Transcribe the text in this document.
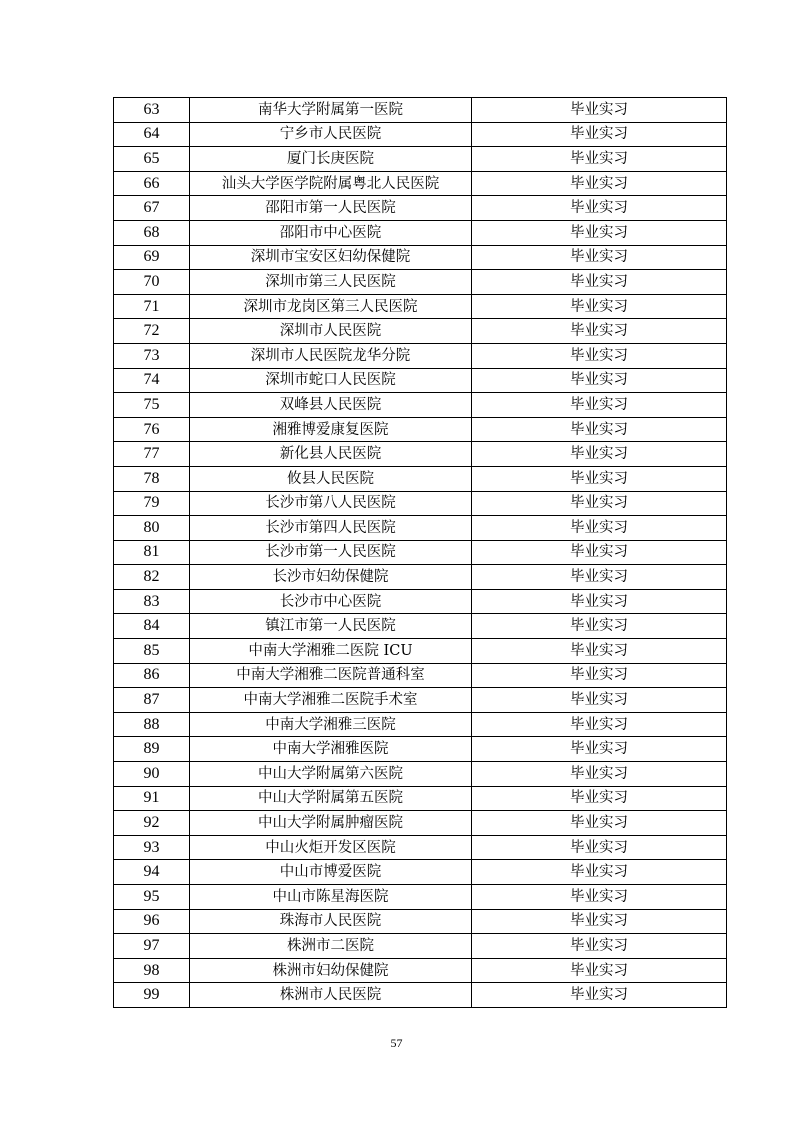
63	南华大学附属第一医院	毕业实习
64	宁乡市人民医院	毕业实习
65	厦门长庚医院	毕业实习
66	汕头大学医学院附属粤北人民医院	毕业实习
67	邵阳市第一人民医院	毕业实习
68	邵阳市中心医院	毕业实习
69	深圳市宝安区妇幼保健院	毕业实习
70	深圳市第三人民医院	毕业实习
71	深圳市龙岗区第三人民医院	毕业实习
72	深圳市人民医院	毕业实习
73	深圳市人民医院龙华分院	毕业实习
74	深圳市蛇口人民医院	毕业实习
75	双峰县人民医院	毕业实习
76	湘雅博爱康复医院	毕业实习
77	新化县人民医院	毕业实习
78	攸县人民医院	毕业实习
79	长沙市第八人民医院	毕业实习
80	长沙市第四人民医院	毕业实习
81	长沙市第一人民医院	毕业实习
82	长沙市妇幼保健院	毕业实习
83	长沙市中心医院	毕业实习
84	镇江市第一人民医院	毕业实习
85	中南大学湘雅二医院 ICU	毕业实习
86	中南大学湘雅二医院普通科室	毕业实习
87	中南大学湘雅二医院手术室	毕业实习
88	中南大学湘雅三医院	毕业实习
89	中南大学湘雅医院	毕业实习
90	中山大学附属第六医院	毕业实习
91	中山大学附属第五医院	毕业实习
92	中山大学附属肿瘤医院	毕业实习
93	中山火炬开发区医院	毕业实习
94	中山市博爱医院	毕业实习
95	中山市陈星海医院	毕业实习
96	珠海市人民医院	毕业实习
97	株洲市二医院	毕业实习
98	株洲市妇幼保健院	毕业实习
99	株洲市人民医院	毕业实习
57
